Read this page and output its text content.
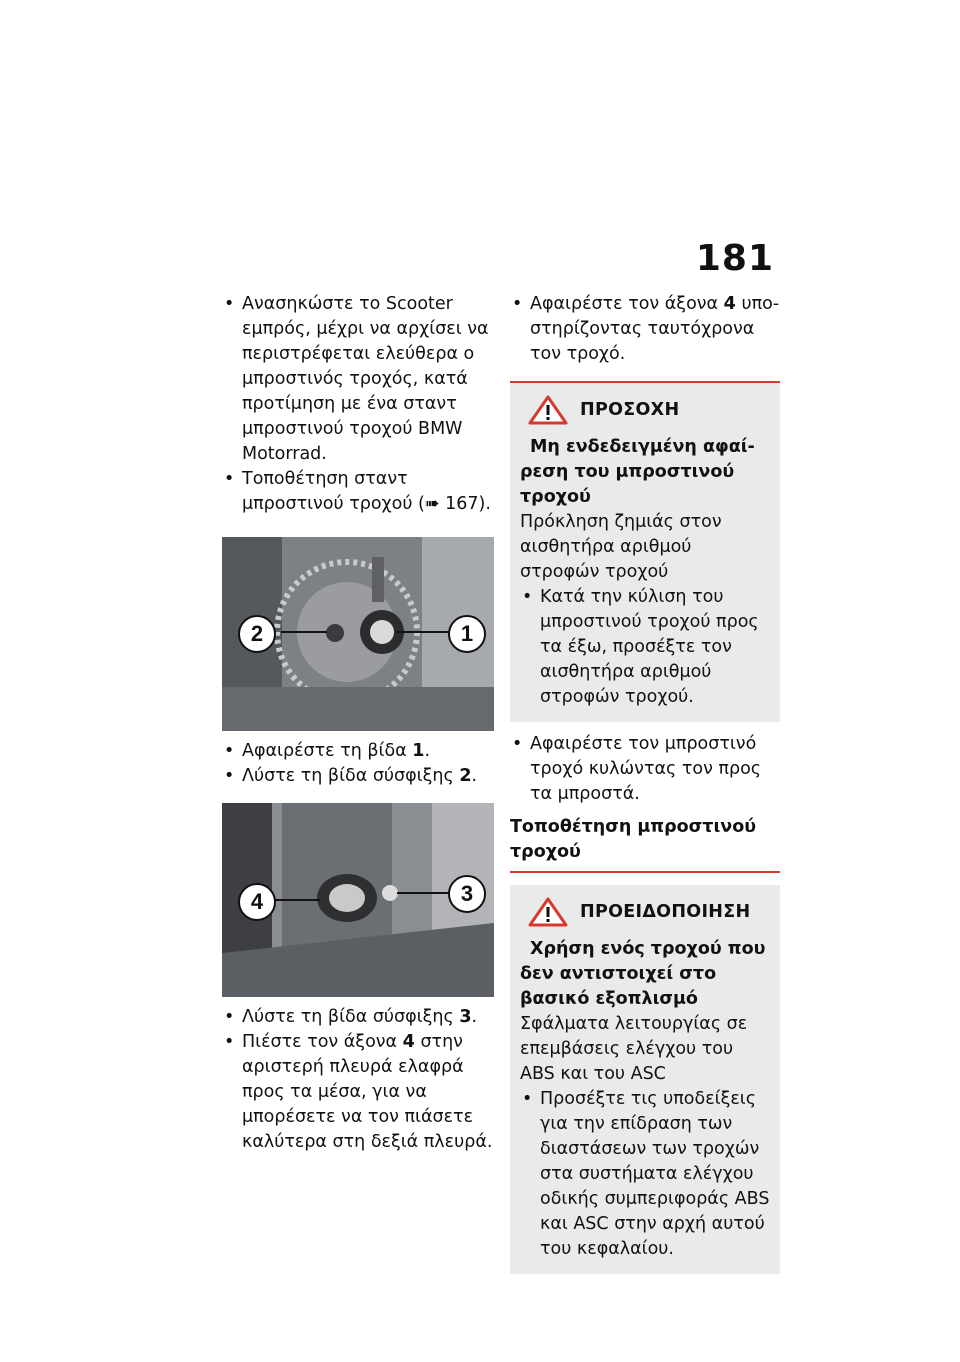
181

• Ανασηκώστε το Scooter εμπρός, μέχρι να αρχίσει να περιστρέφεται ελεύθερα ο μπροστινός τροχός, κατά προτίμηση με ένα σταντ μπροστινού τροχού BMW Motorrad.

• Τοποθέτηση σταντ μπροστινού τροχού (➠ 167).

2	1

• Αφαιρέστε τη βίδα 1.

• Λύστε τη βίδα σύσφιξης 2.

4	3

• Λύστε τη βίδα σύσφιξης 3.

• Πιέστε τον άξονα 4 στην αριστερή πλευρά ελαφρά προς τα μέσα, για να μπορέσετε να τον πιάσετε καλύτερα στη δεξιά πλευρά.

• Αφαιρέστε τον άξονα 4 υποστηρίζοντας ταυτόχρονα τον τροχό.

ΠΡΟΣΟΧΗ

Μη ενδεδειγμένη αφαίρεση του μπροστινού τροχού

Πρόκληση ζημιάς στον αισθητήρα αριθμού στροφών τροχού

• Κατά την κύλιση του μπροστινού τροχού προς τα έξω, προσέξτε τον αισθητήρα αριθμού στροφών τροχού.

• Αφαιρέστε τον μπροστινό τροχό κυλώντας τον προς τα μπροστά.

Τοποθέτηση μπροστινού τροχού
ΠΡΟΕΙΔΟΠΟΙΗΣΗ

Χρήση ενός τροχού που δεν αντιστοιχεί στο βασικό εξοπλισμό

Σφάλματα λειτουργίας σε επεμβάσεις ελέγχου του ABS και του ASC

• Προσέξτε τις υποδείξεις για την επίδραση των διαστάσεων των τροχών στα συστήματα ελέγχου οδικής συμπεριφοράς ABS και ASC στην αρχή αυτού του κεφαλαίου.
